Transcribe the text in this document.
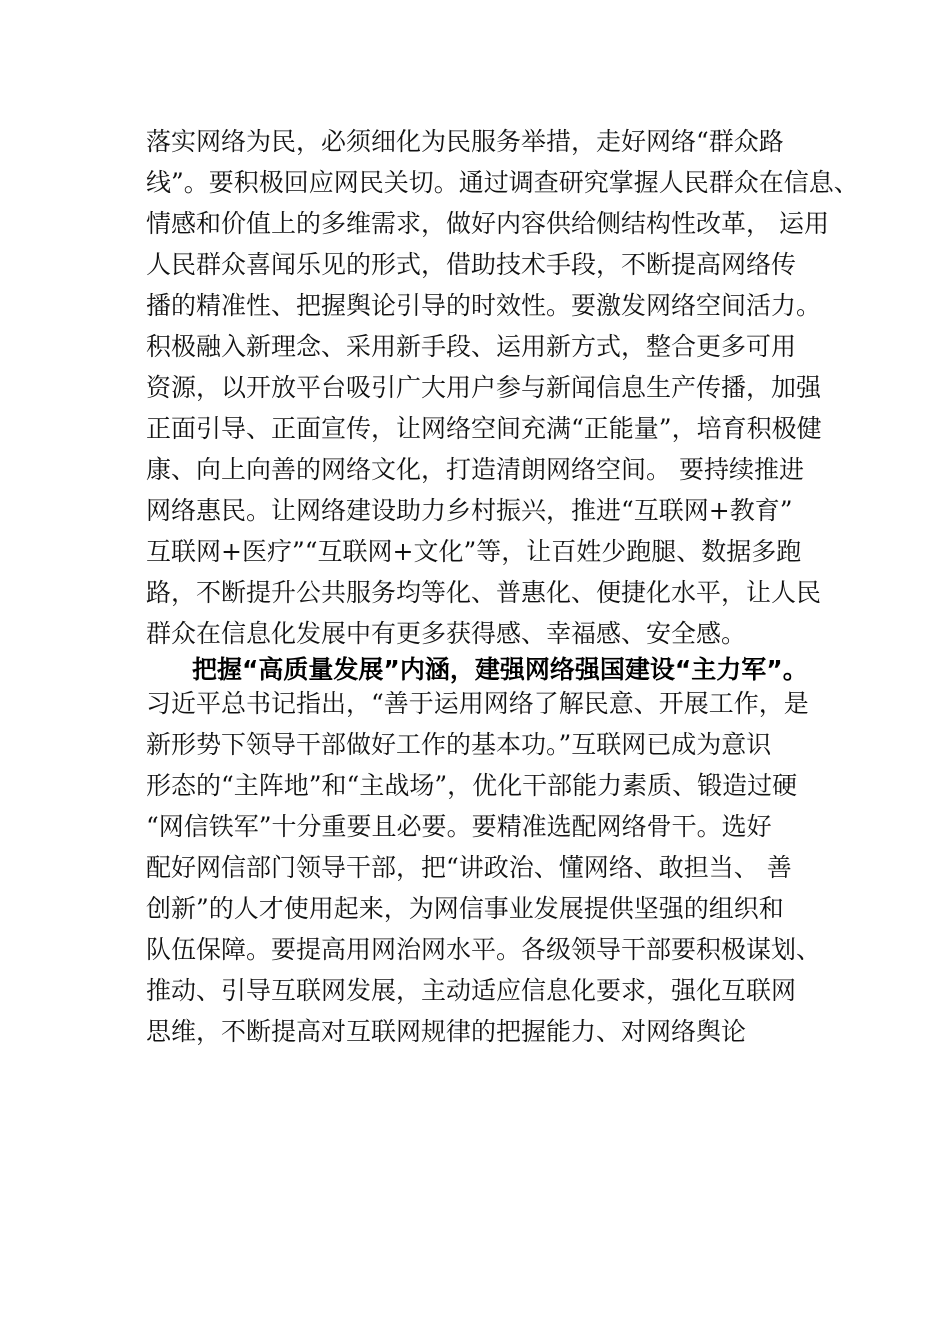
落实网络为民，必须细化为民服务举措，走好网络“群众路
线”。要积极回应网民关切。通过调查研究掌握人民群众在信息、
情感和价值上的多维需求，做好内容供给侧结构性改革， 运用
人民群众喜闻乐见的形式，借助技术手段，不断提高网络传
播的精准性、把握舆论引导的时效性。要激发网络空间活力。
积极融入新理念、采用新手段、运用新方式，整合更多可用
资源，以开放平台吸引广大用户参与新闻信息生产传播，加强
正面引导、正面宣传，让网络空间充满“正能量”，培育积极健
康、向上向善的网络文化，打造清朗网络空间。 要持续推进
网络惠民。让网络建设助力乡村振兴，推进“互联网+教育”
互联网+医疗”“互联网+文化”等，让百姓少跑腿、数据多跑
路，不断提升公共服务均等化、普惠化、便捷化水平，让人民
群众在信息化发展中有更多获得感、幸福感、安全感。
把握“高质量发展”内涵，建强网络强国建设“主力军”。
习近平总书记指出，“善于运用网络了解民意、开展工作，是
新形势下领导干部做好工作的基本功。”互联网已成为意识
形态的“主阵地”和“主战场”，优化干部能力素质、锻造过硬
“网信铁军”十分重要且必要。要精准选配网络骨干。选好
配好网信部门领导干部，把“讲政治、懂网络、敢担当、 善
创新”的人才使用起来，为网信事业发展提供坚强的组织和
队伍保障。要提高用网治网水平。各级领导干部要积极谋划、
推动、引导互联网发展，主动适应信息化要求，强化互联网
思维，不断提高对互联网规律的把握能力、对网络舆论
